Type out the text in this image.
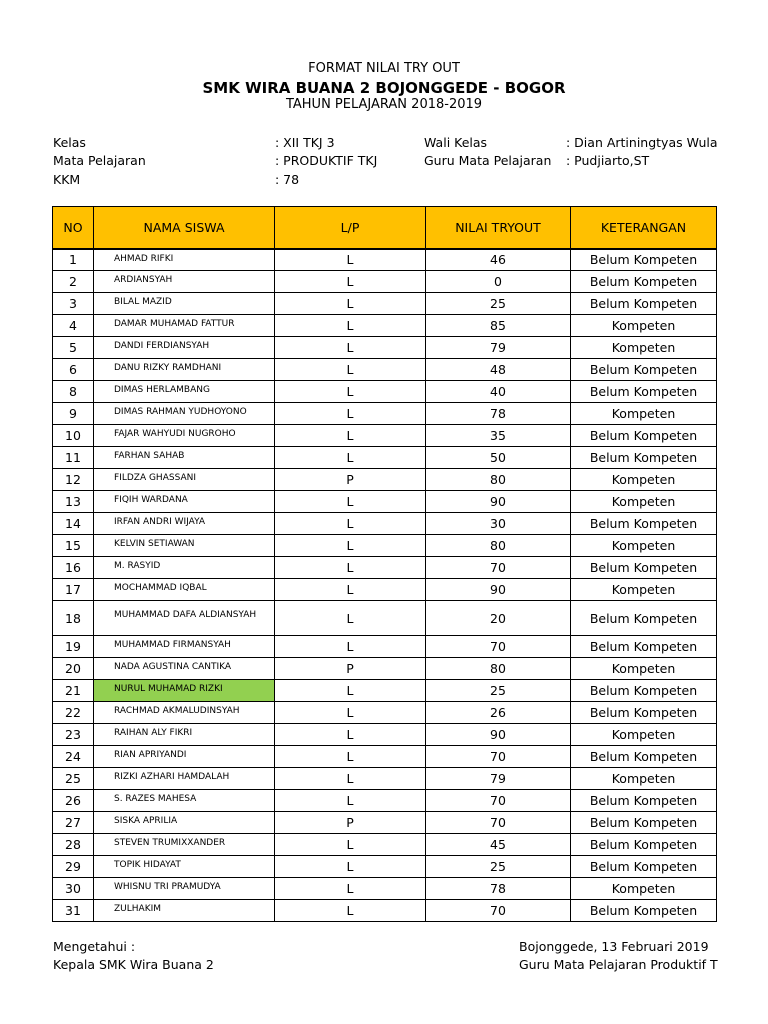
FORMAT NILAI TRY OUT
SMK WIRA BUANA 2 BOJONGGEDE - BOGOR
TAHUN PELAJARAN 2018-2019
Kelas	: XII TKJ 3
Mata Pelajaran	: PRODUKTIF TKJ
KKM	: 78
Wali Kelas	: Dian Artiningtyas Wula
Guru Mata Pelajaran : Pudjiarto,ST
NO	NAMA SISWA	L/P	NILAI TRYOUT	KETERANGAN
1	AHMAD RIFKI	L	46	Belum Kompeten
2	ARDIANSYAH	L	0	Belum Kompeten
3	BILAL MAZID	L	25	Belum Kompeten
4	DAMAR MUHAMAD FATTUR	L	85	Kompeten
5	DANDI FERDIANSYAH	L	79	Kompeten
6	DANU RIZKY RAMDHANI	L	48	Belum Kompeten
8	DIMAS HERLAMBANG	L	40	Belum Kompeten
9	DIMAS RAHMAN YUDHOYONO	L	78	Kompeten
10	FAJAR WAHYUDI NUGROHO	L	35	Belum Kompeten
11	FARHAN SAHAB	L	50	Belum Kompeten
12	FILDZA GHASSANI	P	80	Kompeten
13	FIQIH WARDANA	L	90	Kompeten
14	IRFAN ANDRI WIJAYA	L	30	Belum Kompeten
15	KELVIN SETIAWAN	L	80	Kompeten
16	M. RASYID	L	70	Belum Kompeten
17	MOCHAMMAD IQBAL	L	90	Kompeten
18	MUHAMMAD DAFA ALDIANSYAH	L	20	Belum Kompeten
19	MUHAMMAD FIRMANSYAH	L	70	Belum Kompeten
20	NADA AGUSTINA CANTIKA	P	80	Kompeten
21	NURUL MUHAMAD RIZKI	L	25	Belum Kompeten
22	RACHMAD AKMALUDINSYAH	L	26	Belum Kompeten
23	RAIHAN ALY FIKRI	L	90	Kompeten
24	RIAN APRIYANDI	L	70	Belum Kompeten
25	RIZKI AZHARI HAMDALAH	L	79	Kompeten
26	S. RAZES MAHESA	L	70	Belum Kompeten
27	SISKA APRILIA	P	70	Belum Kompeten
28	STEVEN TRUMIXXANDER	L	45	Belum Kompeten
29	TOPIK HIDAYAT	L	25	Belum Kompeten
30	WHISNU TRI PRAMUDYA	L	78	Kompeten
31	ZULHAKIM	L	70	Belum Kompeten
Mengetahui :
Kepala SMK Wira Buana 2
Bojonggede, 13 Februаri 2019
Guru Mata Pelajaran Produktif T
